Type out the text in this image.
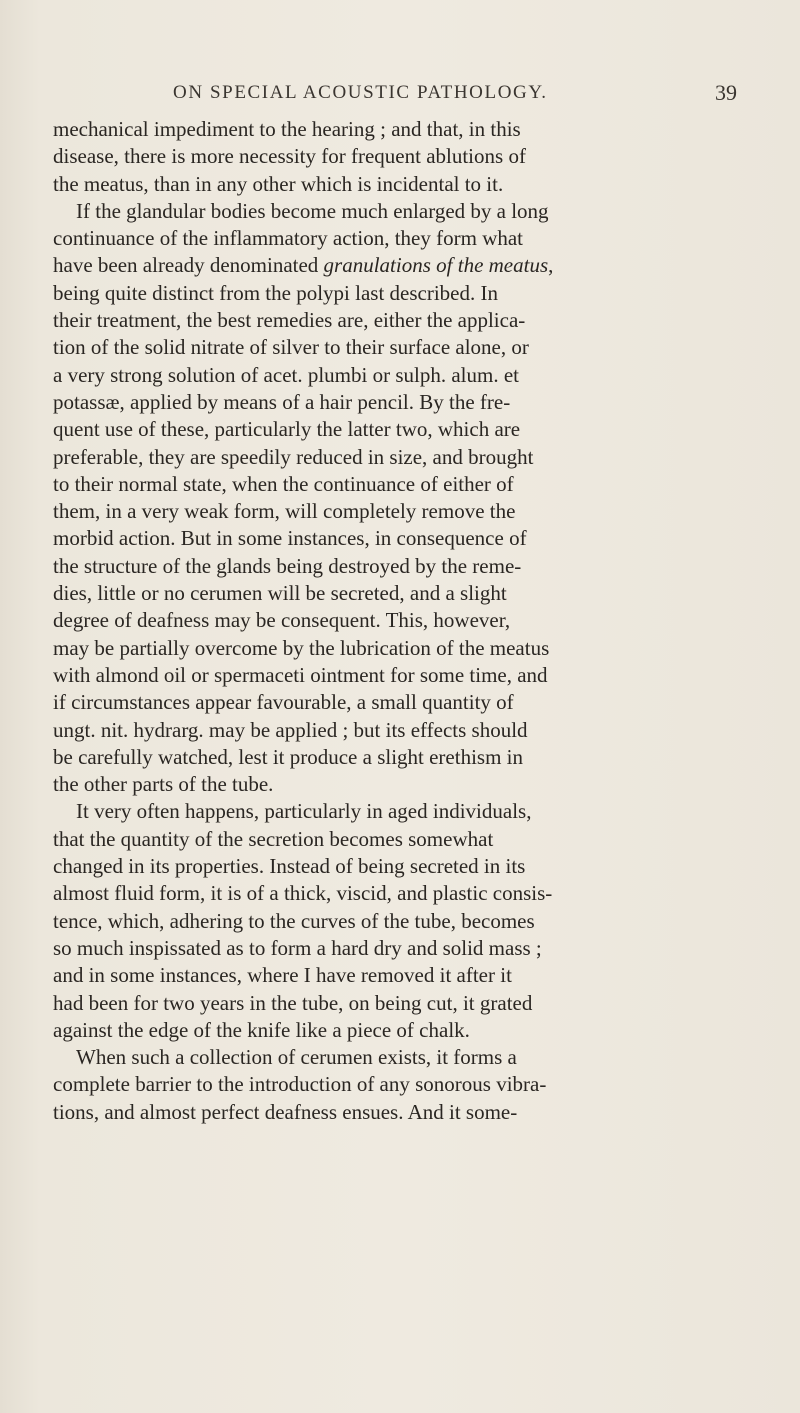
ON SPECIAL ACOUSTIC PATHOLOGY.	39
mechanical impediment to the hearing ; and that, in this
disease, there is more necessity for frequent ablutions of
the meatus, than in any other which is incidental to it.
If the glandular bodies become much enlarged by a long
continuance of the inflammatory action, they form what
have been already denominated granulations of the meatus,
being quite distinct from the polypi last described. In
their treatment, the best remedies are, either the applica-
tion of the solid nitrate of silver to their surface alone, or
a very strong solution of acet. plumbi or sulph. alum. et
potassæ, applied by means of a hair pencil. By the fre-
quent use of these, particularly the latter two, which are
preferable, they are speedily reduced in size, and brought
to their normal state, when the continuance of either of
them, in a very weak form, will completely remove the
morbid action. But in some instances, in consequence of
the structure of the glands being destroyed by the reme-
dies, little or no cerumen will be secreted, and a slight
degree of deafness may be consequent. This, however,
may be partially overcome by the lubrication of the meatus
with almond oil or spermaceti ointment for some time, and
if circumstances appear favourable, a small quantity of
ungt. nit. hydrarg. may be applied ; but its effects should
be carefully watched, lest it produce a slight erethism in
the other parts of the tube.
It very often happens, particularly in aged individuals,
that the quantity of the secretion becomes somewhat
changed in its properties. Instead of being secreted in its
almost fluid form, it is of a thick, viscid, and plastic consis-
tence, which, adhering to the curves of the tube, becomes
so much inspissated as to form a hard dry and solid mass ;
and in some instances, where I have removed it after it
had been for two years in the tube, on being cut, it grated
against the edge of the knife like a piece of chalk.
When such a collection of cerumen exists, it forms a
complete barrier to the introduction of any sonorous vibra-
tions, and almost perfect deafness ensues. And it some-
